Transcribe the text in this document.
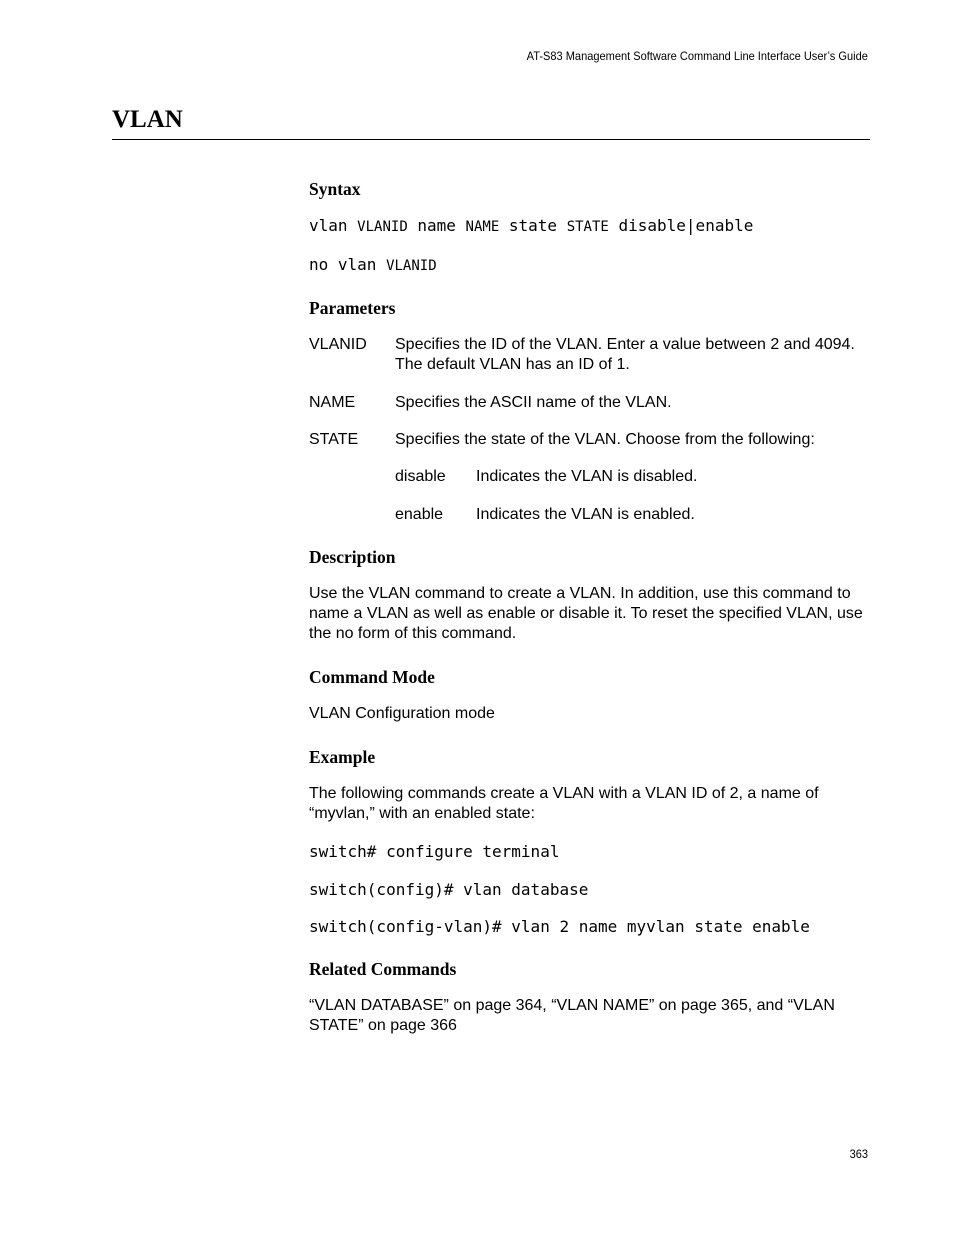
AT-S83 Management Software Command Line Interface User’s Guide
VLAN
Syntax

vlan VLANID name NAME state STATE disable|enable

no vlan VLANID

Parameters
VLANID	Specifies the ID of the VLAN. Enter a value between 2 and 4094. The default VLAN has an ID of 1.
NAME	Specifies the ASCII name of the VLAN.
STATE	Specifies the state of the VLAN. Choose from the following:
disable	Indicates the VLAN is disabled.
enable	Indicates the VLAN is enabled.
Description

Use the VLAN command to create a VLAN. In addition, use this command to name a VLAN as well as enable or disable it. To reset the specified VLAN, use the no form of this command.

Command Mode

VLAN Configuration mode

Example

The following commands create a VLAN with a VLAN ID of 2, a name of “myvlan,” with an enabled state:

switch# configure terminal

switch(config)# vlan database

switch(config-vlan)# vlan 2 name myvlan state enable

Related Commands

“VLAN DATABASE” on page 364, “VLAN NAME” on page 365, and “VLAN STATE” on page 366

363
